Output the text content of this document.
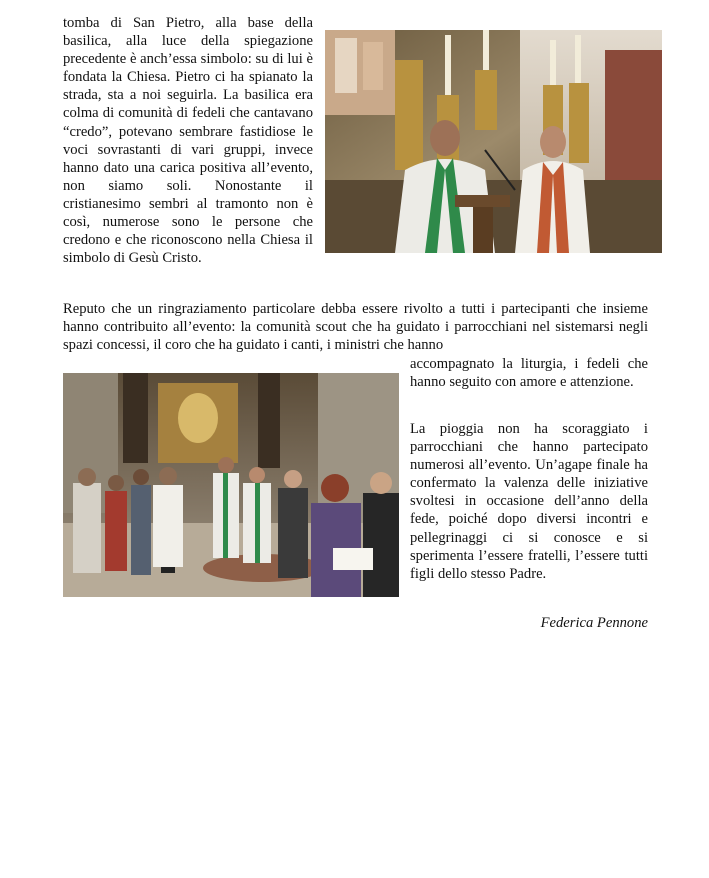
tomba di San Pietro, alla base della basilica, alla luce della spiegazione precedente è anch’essa simbolo: su di lui è fondata la Chiesa. Pietro ci ha spianato la strada, sta a noi seguirla. La basilica era colma di comunità di fedeli che cantavano “credo”, potevano sembrare fastidiose le voci sovrastanti di vari gruppi, invece hanno dato una carica positiva all’evento, non siamo soli. Nonostante il cristianesimo sembri al tramonto non è così, numerose sono le persone che credono e che riconoscono nella Chiesa il simbolo di Gesù Cristo.

Reputo che un ringraziamento particolare debba essere rivolto a tutti i partecipanti che insieme hanno contribuito all’evento: la comunità scout che ha guidato i parrocchiani nel sistemarsi negli spazi concessi, il coro che ha guidato i canti, i ministri che hanno

accompagnato la liturgia, i fedeli che hanno seguito con amore e attenzione.

La pioggia non ha scoraggiato i parrocchiani che hanno partecipato numerosi all’evento. Un’agape finale ha confermato la valenza delle iniziative svoltesi in occasione dell’anno della fede, poiché dopo diversi incontri e pellegrinaggi ci si conosce e si sperimenta l’essere fratelli, l’essere tutti figli dello stesso Padre.

Federica Pennone
